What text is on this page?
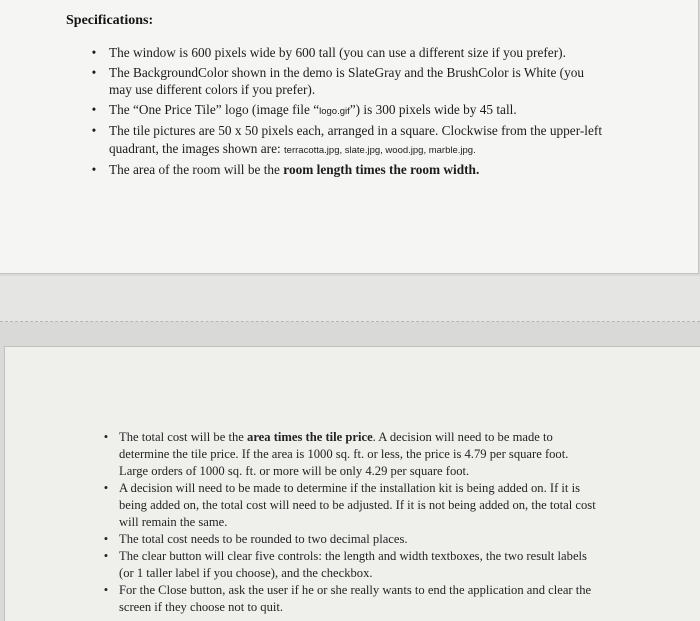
Specifications:
• The window is 600 pixels wide by 600 tall (you can use a different size if you prefer).
• The BackgroundColor shown in the demo is SlateGray and the BrushColor is White (you may use different colors if you prefer).
• The “One Price Tile” logo (image file “logo.gif”) is 300 pixels wide by 45 tall.
• The tile pictures are 50 x 50 pixels each, arranged in a square. Clockwise from the upper-left quadrant, the images shown are: terracotta.jpg, slate.jpg, wood.jpg, marble.jpg.
• The area of the room will be the room length times the room width.
• The total cost will be the area times the tile price. A decision will need to be made to determine the tile price. If the area is 1000 sq. ft. or less, the price is 4.79 per square foot. Large orders of 1000 sq. ft. or more will be only 4.29 per square foot.
• A decision will need to be made to determine if the installation kit is being added on. If it is being added on, the total cost will need to be adjusted. If it is not being added on, the total cost will remain the same.
• The total cost needs to be rounded to two decimal places.
• The clear button will clear five controls: the length and width textboxes, the two result labels (or 1 taller label if you choose), and the checkbox.
• For the Close button, ask the user if he or she really wants to end the application and clear the screen if they choose not to quit.
